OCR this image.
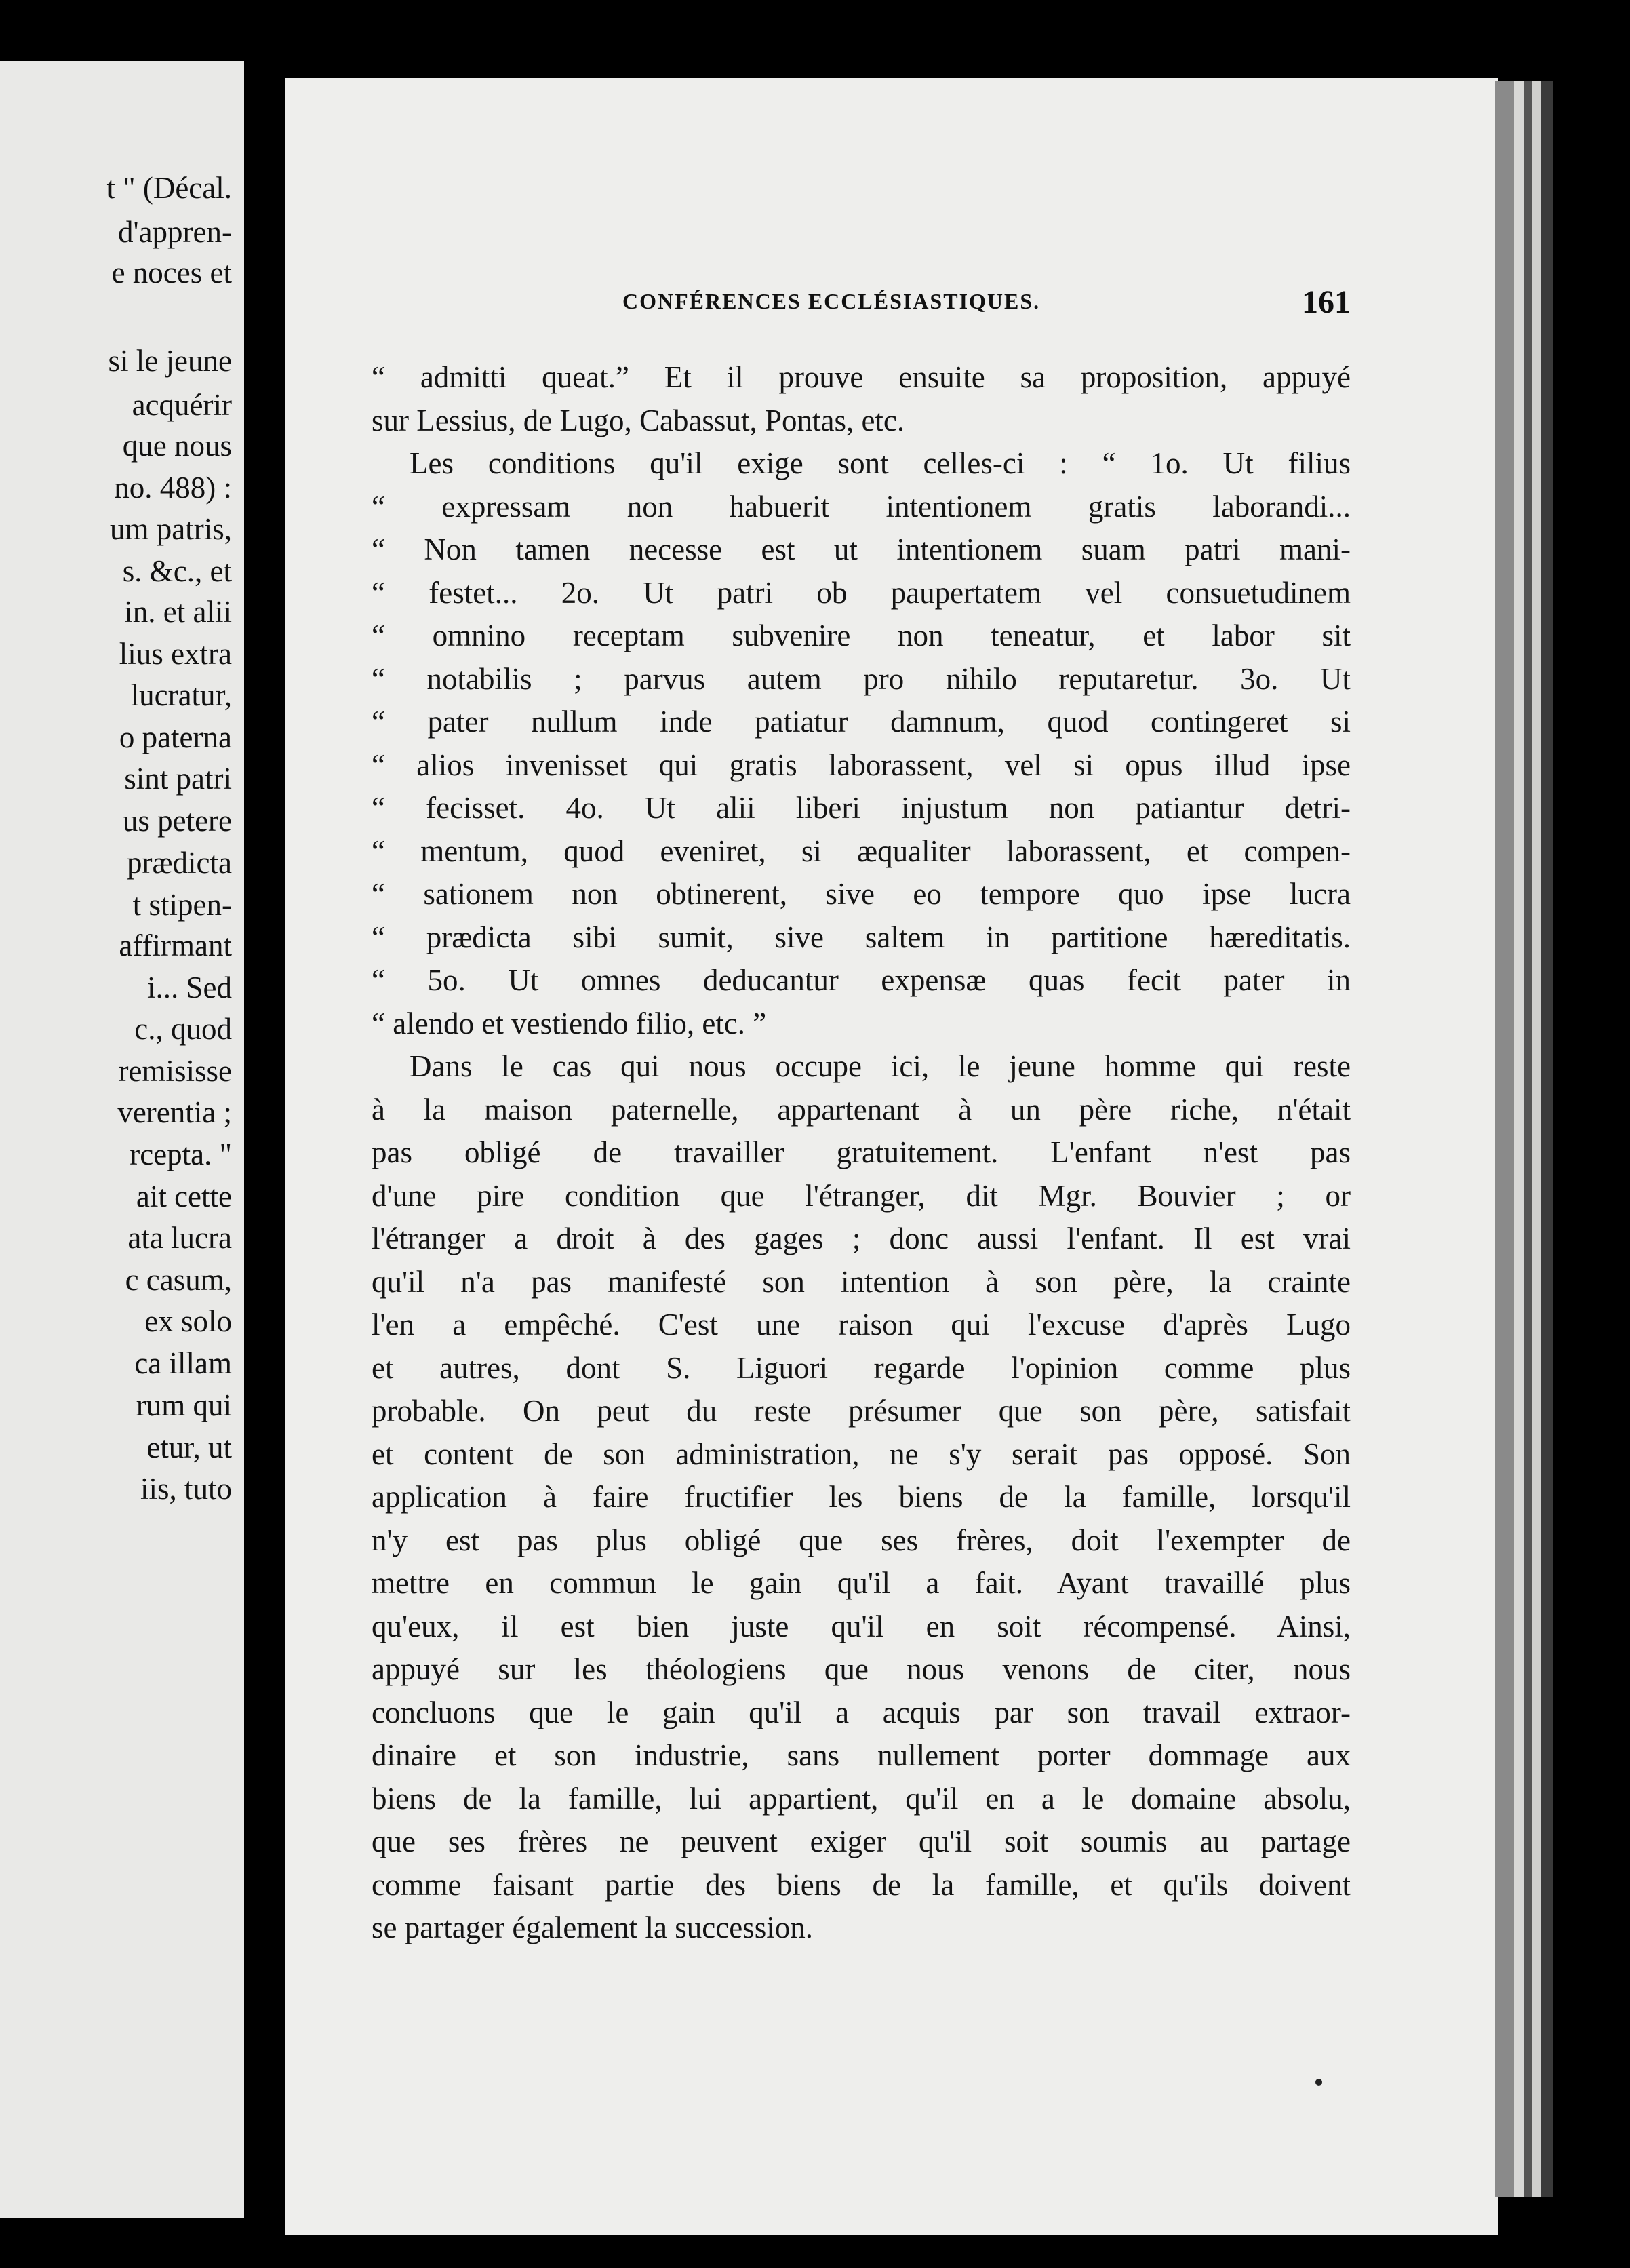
t " (Décal.
d'appren-
e noces et
si le jeune
acquérir
que nous
no. 488) :
um patris,
s. &c., et
in. et alii
lius extra
lucratur,
o paterna
sint patri
us petere
prædicta
t stipen-
affirmant
i... Sed
c., quod
remisisse
verentia ;
rcepta. "
ait cette
ata lucra
c casum,
ex solo
ca illam
rum qui
etur, ut
iis, tuto
CONFÉRENCES ECCLÉSIASTIQUES.	161
“ admitti queat.” Et il prouve ensuite sa proposition, appuyé
sur Lessius, de Lugo, Cabassut, Pontas, etc.
Les conditions qu'il exige sont celles-ci : “ 1o. Ut filius
“ expressam non habuerit intentionem gratis laborandi...
“ Non tamen necesse est ut intentionem suam patri mani-
“ festet... 2o. Ut patri ob paupertatem vel consuetudinem
“ omnino receptam subvenire non teneatur, et labor sit
“ notabilis ; parvus autem pro nihilo reputaretur. 3o. Ut
“ pater nullum inde patiatur damnum, quod contingeret si
“ alios invenisset qui gratis laborassent, vel si opus illud ipse
“ fecisset. 4o. Ut alii liberi injustum non patiantur detri-
“ mentum, quod eveniret, si æqualiter laborassent, et compen-
“ sationem non obtinerent, sive eo tempore quo ipse lucra
“ prædicta sibi sumit, sive saltem in partitione hæreditatis.
“ 5o. Ut omnes deducantur expensæ quas fecit pater in
“ alendo et vestiendo filio, etc. ”
Dans le cas qui nous occupe ici, le jeune homme qui reste
à la maison paternelle, appartenant à un père riche, n'était
pas obligé de travailler gratuitement. L'enfant n'est pas
d'une pire condition que l'étranger, dit Mgr. Bouvier ; or
l'étranger a droit à des gages ; donc aussi l'enfant. Il est vrai
qu'il n'a pas manifesté son intention à son père, la crainte
l'en a empêché. C'est une raison qui l'excuse d'après Lugo
et autres, dont S. Liguori regarde l'opinion comme plus
probable. On peut du reste présumer que son père, satisfait
et content de son administration, ne s'y serait pas opposé. Son
application à faire fructifier les biens de la famille, lorsqu'il
n'y est pas plus obligé que ses frères, doit l'exempter de
mettre en commun le gain qu'il a fait. Ayant travaillé plus
qu'eux, il est bien juste qu'il en soit récompensé. Ainsi,
appuyé sur les théologiens que nous venons de citer, nous
concluons que le gain qu'il a acquis par son travail extraor-
dinaire et son industrie, sans nullement porter dommage aux
biens de la famille, lui appartient, qu'il en a le domaine absolu,
que ses frères ne peuvent exiger qu'il soit soumis au partage
comme faisant partie des biens de la famille, et qu'ils doivent
se partager également la succession.
